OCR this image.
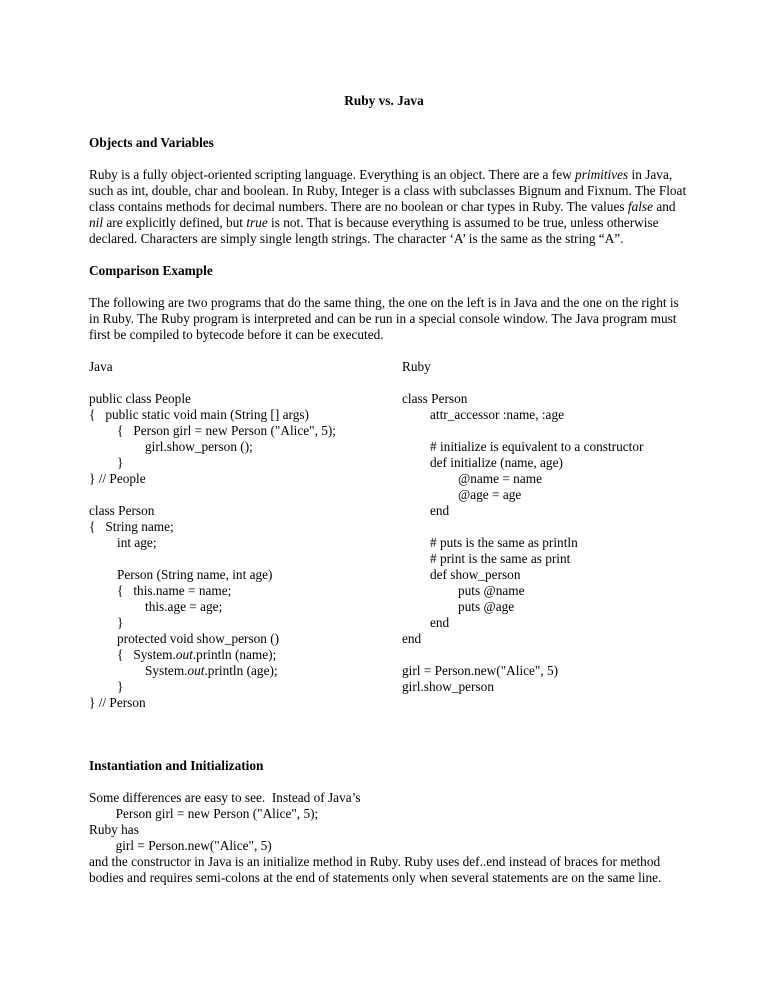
Ruby vs. Java
Objects and Variables

Ruby is a fully object-oriented scripting language. Everything is an object. There are a few primitives in Java, such as int, double, char and boolean. In Ruby, Integer is a class with subclasses Bignum and Fixnum. The Float class contains methods for decimal numbers. There are no boolean or char types in Ruby. The values false and nil are explicitly defined, but true is not. That is because everything is assumed to be true, unless otherwise declared. Characters are simply single length strings. The character ‘A’ is the same as the string “A”.

Comparison Example

The following are two programs that do the same thing, the one on the left is in Java and the one on the right is in Ruby. The Ruby program is interpreted and can be run in a special console window. The Java program must first be compiled to bytecode before it can be executed.

Java
public class People
{   public static void main (String [] args)
{   Person girl = new Person ("Alice", 5);
girl.show_person ();
}
} // People
class Person
{   String name;
int age;
Person (String name, int age)
{   this.name = name;
this.age = age;
}
protected void show_person ()
{   System.out.println (name);
System.out.println (age);
}
} // Person
Ruby
class Person
attr_accessor :name, :age
# initialize is equivalent to a constructor
def initialize (name, age)
@name = name
@age = age
end
# puts is the same as println
# print is the same as print
def show_person
puts @name
puts @age
end
end
girl = Person.new("Alice", 5)
girl.show_person
Instantiation and Initialization
Some differences are easy to see.  Instead of Java’s
Person girl = new Person ("Alice", 5);
Ruby has
girl = Person.new("Alice", 5)
and the constructor in Java is an initialize method in Ruby. Ruby uses def..end instead of braces for method bodies and requires semi-colons at the end of statements only when several statements are on the same line.
